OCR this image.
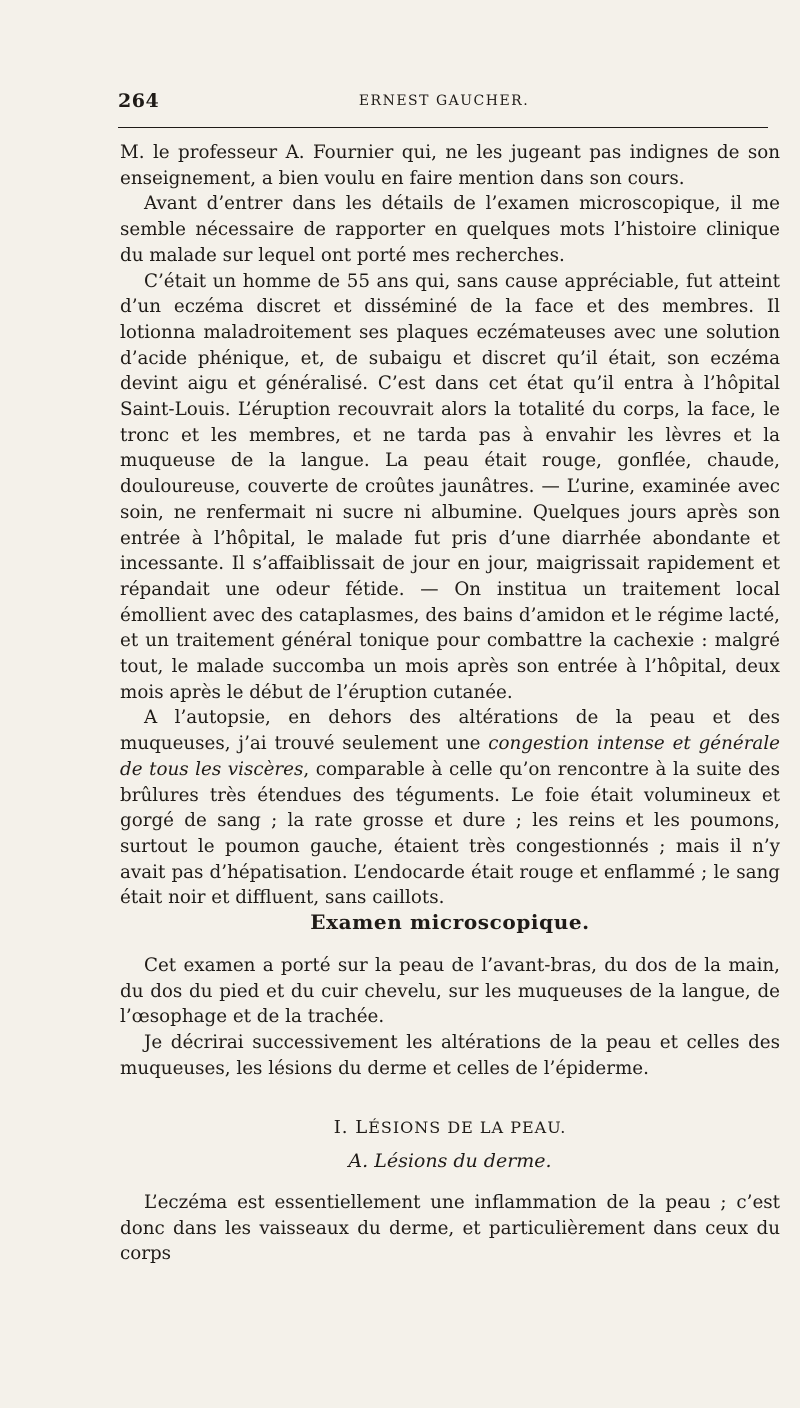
264	ERNEST GAUCHER.

M. le professeur A. Fournier qui, ne les jugeant pas indignes de son enseignement, a bien voulu en faire mention dans son cours.

Avant d’entrer dans les détails de l’examen microscopique, il me semble nécessaire de rapporter en quelques mots l’histoire clinique du malade sur lequel ont porté mes recherches.

C’était un homme de 55 ans qui, sans cause appréciable, fut atteint d’un eczéma discret et disséminé de la face et des membres. Il lotionna maladroitement ses plaques eczémateuses avec une solution d’acide phénique, et, de subaigu et discret qu’il était, son eczéma devint aigu et généralisé. C’est dans cet état qu’il entra à l’hôpital Saint-Louis. L’éruption recouvrait alors la totalité du corps, la face, le tronc et les membres, et ne tarda pas à envahir les lèvres et la muqueuse de la langue. La peau était rouge, gonflée, chaude, douloureuse, couverte de croûtes jaunâtres. — L’urine, examinée avec soin, ne renfermait ni sucre ni albumine. Quelques jours après son entrée à l’hôpital, le malade fut pris d’une diarrhée abondante et incessante. Il s’affaiblissait de jour en jour, maigrissait rapidement et répandait une odeur fétide. — On institua un traitement local émollient avec des cataplasmes, des bains d’amidon et le régime lacté, et un traitement général tonique pour combattre la cachexie : malgré tout, le malade succomba un mois après son entrée à l’hôpital, deux mois après le début de l’éruption cutanée.

A l’autopsie, en dehors des altérations de la peau et des muqueuses, j’ai trouvé seulement une congestion intense et générale de tous les viscères, comparable à celle qu’on rencontre à la suite des brûlures très étendues des téguments. Le foie était volumineux et gorgé de sang ; la rate grosse et dure ; les reins et les poumons, surtout le poumon gauche, étaient très congestionnés ; mais il n’y avait pas d’hépatisation. L’endocarde était rouge et enflammé ; le sang était noir et diffluent, sans caillots.

Examen microscopique.

Cet examen a porté sur la peau de l’avant-bras, du dos de la main, du dos du pied et du cuir chevelu, sur les muqueuses de la langue, de l’œsophage et de la trachée.

Je décrirai successivement les altérations de la peau et celles des muqueuses, les lésions du derme et celles de l’épiderme.

I. LÉSIONS DE LA PEAU.
A. Lésions du derme.

L’eczéma est essentiellement une inflammation de la peau ; c’est donc dans les vaisseaux du derme, et particulièrement dans ceux du corps
